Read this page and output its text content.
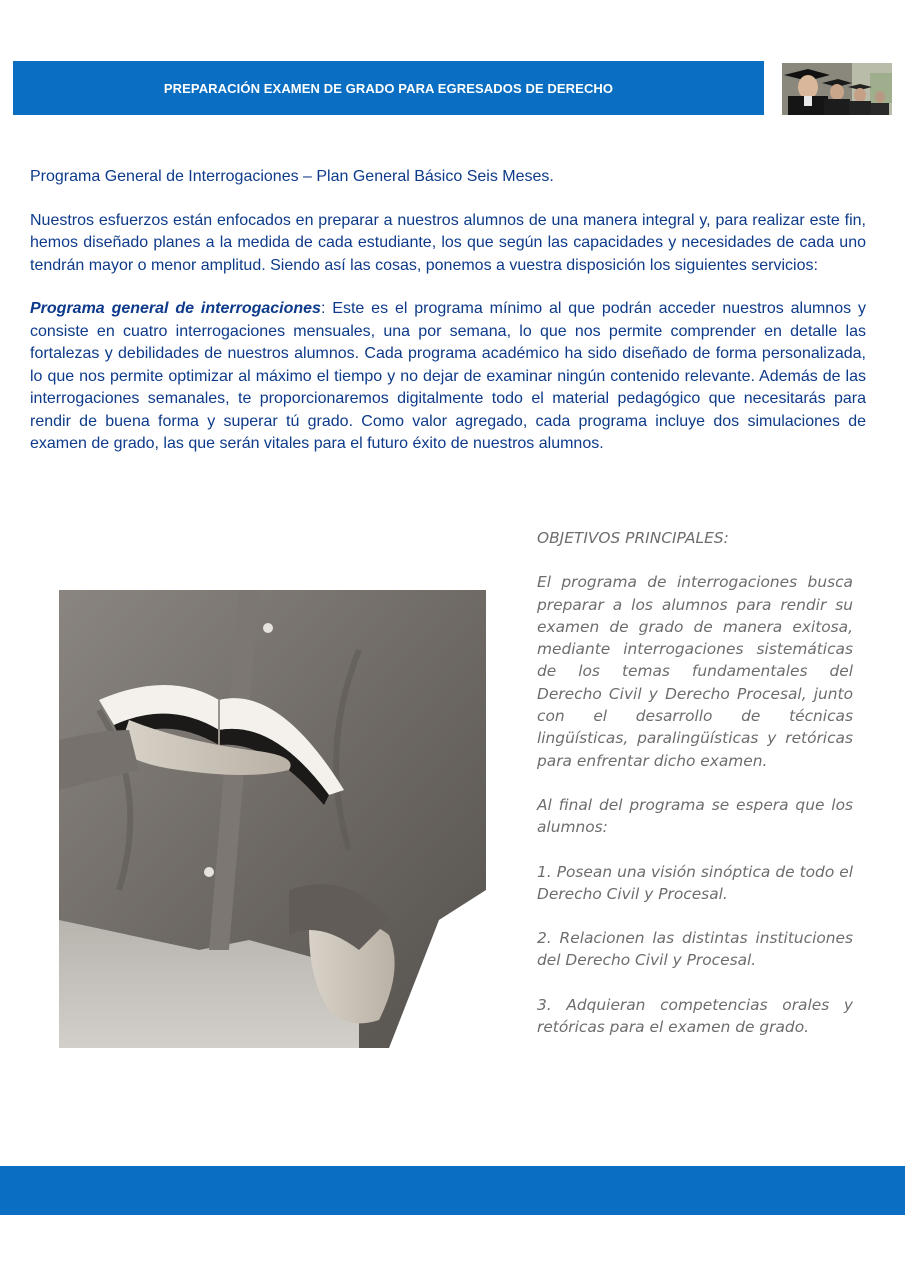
PREPARACIÓN EXAMEN DE GRADO PARA EGRESADOS DE DERECHO

Programa General de Interrogaciones – Plan General Básico Seis Meses.

Nuestros esfuerzos están enfocados en preparar a nuestros alumnos de una manera integral y, para realizar este fin, hemos diseñado planes a la medida de cada estudiante, los que según las capacidades y necesidades de cada uno tendrán mayor o menor amplitud. Siendo así las cosas, ponemos a vuestra disposición los siguientes servicios:

Programa general de interrogaciones: Este es el programa mínimo al que podrán acceder nuestros alumnos y consiste en cuatro interrogaciones mensuales, una por semana, lo que nos permite comprender en detalle las fortalezas y debilidades de nuestros alumnos. Cada programa académico ha sido diseñado de forma personalizada, lo que nos permite optimizar al máximo el tiempo y no dejar de examinar ningún contenido relevante. Además de las interrogaciones semanales, te proporcionaremos digitalmente todo el material pedagógico que necesitarás para rendir de buena forma y superar tú grado. Como valor agregado, cada programa incluye dos simulaciones de examen de grado, las que serán vitales para el futuro éxito de nuestros alumnos.

OBJETIVOS PRINCIPALES:

El programa de interrogaciones busca preparar a los alumnos para rendir su examen de grado de manera exitosa, mediante interrogaciones sistemáticas de los temas fundamentales del Derecho Civil y Derecho Procesal, junto con el desarrollo de técnicas lingüísticas, paralingüísticas y retóricas para enfrentar dicho examen.

Al final del programa se espera que los alumnos:

1. Posean una visión sinóptica de todo el Derecho Civil y Procesal.

2. Relacionen las distintas instituciones del Derecho Civil y Procesal.

3. Adquieran competencias orales y retóricas para el examen de grado.
